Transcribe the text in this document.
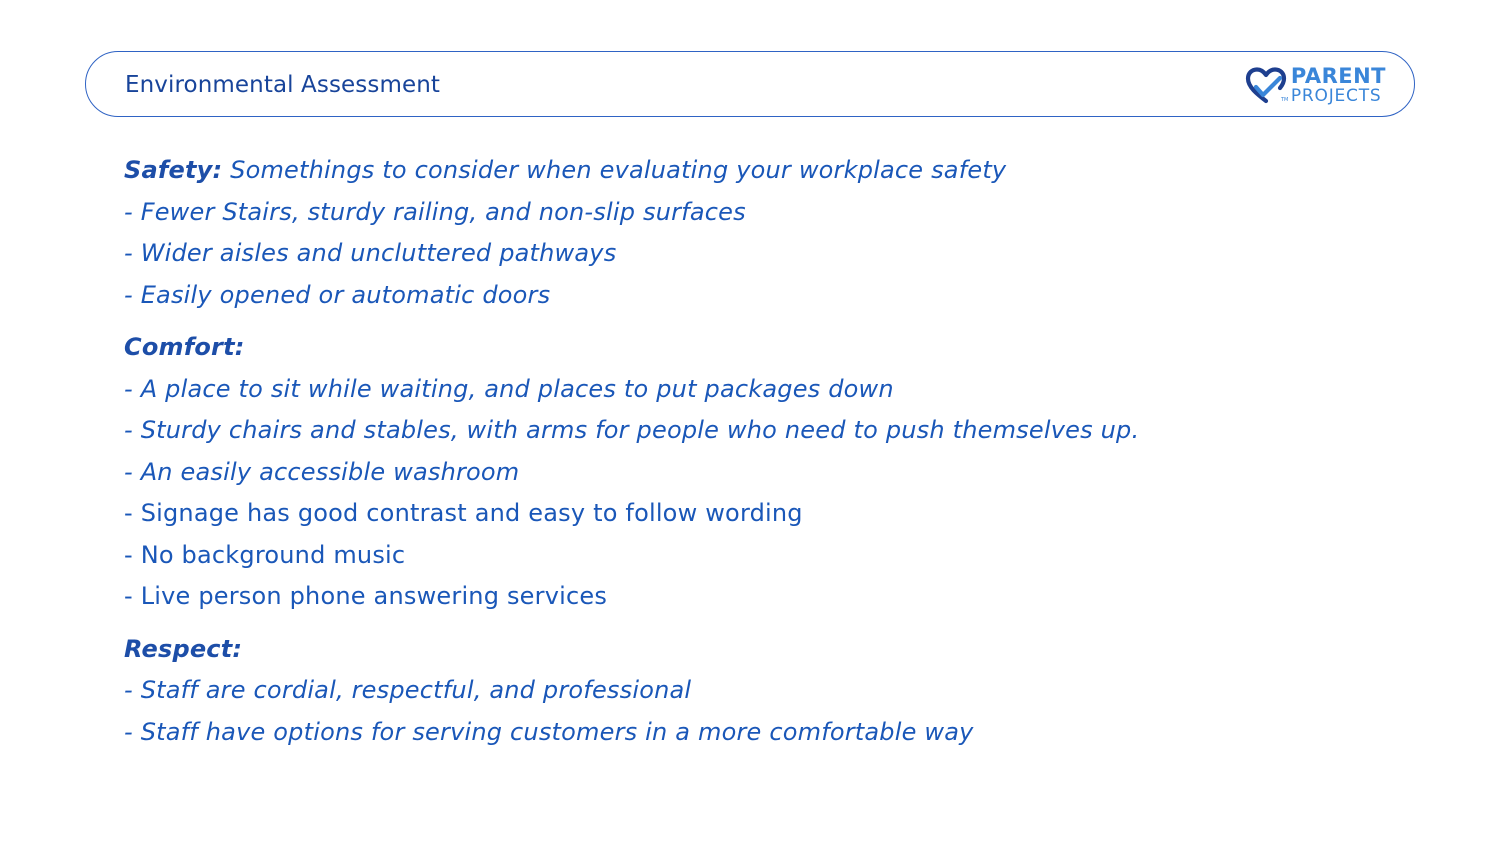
Environmental Assessment
TM
PARENT
PROJECTS
Safety: Somethings to consider when evaluating your workplace safety
- Fewer Stairs, sturdy railing, and non-slip surfaces
- Wider aisles and uncluttered pathways
- Easily opened or automatic doors
Comfort:
- A place to sit while waiting, and places to put packages down
- Sturdy chairs and stables, with arms for people who need to push themselves up.
- An easily accessible washroom
- Signage has good contrast and easy to follow wording
- No background music
- Live person phone answering services
Respect:
- Staff are cordial, respectful, and professional
- Staff have options for serving customers in a more comfortable way
